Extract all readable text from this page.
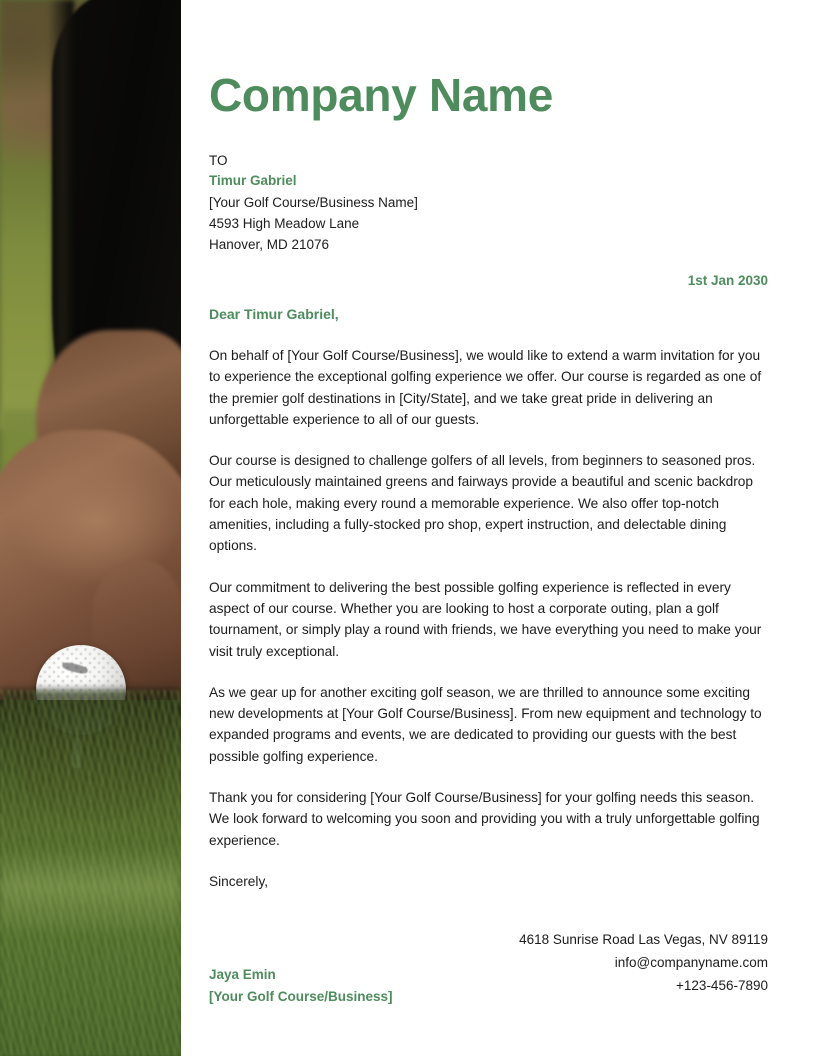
Company Name
TO
Timur Gabriel
[Your Golf Course/Business Name]
4593 High Meadow Lane
Hanover, MD 21076
1st Jan 2030
Dear Timur Gabriel,

On behalf of [Your Golf Course/Business], we would like to extend a warm invitation for you to experience the exceptional golfing experience we offer. Our course is regarded as one of the premier golf destinations in [City/State], and we take great pride in delivering an unforgettable experience to all of our guests.

Our course is designed to challenge golfers of all levels, from beginners to seasoned pros. Our meticulously maintained greens and fairways provide a beautiful and scenic backdrop for each hole, making every round a memorable experience. We also offer top-notch amenities, including a fully-stocked pro shop, expert instruction, and delectable dining options.

Our commitment to delivering the best possible golfing experience is reflected in every aspect of our course. Whether you are looking to host a corporate outing, plan a golf tournament, or simply play a round with friends, we have everything you need to make your visit truly exceptional.

As we gear up for another exciting golf season, we are thrilled to announce some exciting new developments at [Your Golf Course/Business]. From new equipment and technology to expanded programs and events, we are dedicated to providing our guests with the best possible golfing experience.

Thank you for considering [Your Golf Course/Business] for your golfing needs this season. We look forward to welcoming you soon and providing you with a truly unforgettable golfing experience.

Sincerely,

Jaya Emin
[Your Golf Course/Business]
4618 Sunrise Road Las Vegas, NV 89119
info@companyname.com
+123-456-7890
